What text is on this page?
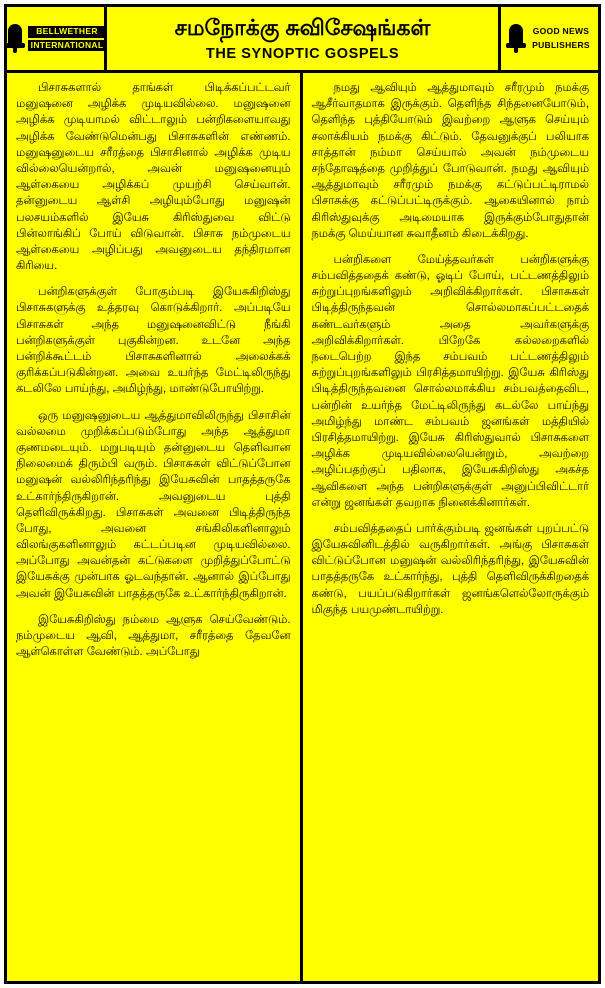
BELLWETHER
INTERNATIONAL
சமநோக்கு சுவிசேஷங்கள்
THE SYNOPTIC GOSPELS
GOOD NEWS
PUBLISHERS

பிசாசுகளால் தாங்கள் பிடிக்கப்பட்டவர் மனுஷனை அழிக்க முடியவில்லை. மனுஷனை அழிக்க முடியாமல் விட்டாலும் பன்றிகளையாவது அழிக்க வேண்டுமென்பது பிசாசுகளின் எண்ணம். மனுஷனுடைய சரீரத்தை பிசாசினால் அழிக்க முடிய வில்லையென்றால், அவன் மனுஷனையும் ஆள்கையை அழிக்கப் முயற்சி செய்வான். தன்னுடைய ஆள்சி அழியும்போது மனுஷன் பலசயம்களில் இயேசு கிரிஸ்துவை விட்டு பின்லாங்கிப் போய் விடுவான். பிசாசு நம்முடைய ஆள்கையை அழிப்பது அவனுடைய தந்திரமான கிரியை.

பன்றிகளுக்குள் போகும்படி இயேசுகிறிஸ்து பிசாசுகளுக்கு உத்தரவு கொடுக்கிறார். அப்படியே பிசாசுகள் அந்த மனுஷனைவிட்டு நீங்கி பன்றிகளுக்குள் புகுகின்றன. உடனே அந்த பன்றிக்கூட்டம் பிசாசுகளினால் அலைக்கக் குரிக்கப்படுகின்றன. அவை உயர்ந்த மேட்டிலிருந்து கடலிலே பாய்ந்து, அமிழ்ந்து, மாண்டுபோயிற்று.

ஒரு மனுஷனுடைய ஆத்துமாவிலிருந்து பிசாசின் வல்லமை முறிக்கப்படும்போது அந்த ஆத்துமா குணமடையும். மறுபடியும் தன்னுடைய தெளிவான நிலைமைக் திரும்பி வரும். பிசாசுகள் விட்டுப்போன மனுஷன் வல்லிரிந்தரிந்து இயேசுவின் பாதத்தருகே உட்கார்ந்திருகிறான். அவனுடைய புத்தி தெளிவிருக்கிறது. பிசாசுகள் அவனை பிடித்திருந்த போது, அவனை சங்கிலிகளினாலும் விலங்குகளினாலும் கட்டப்படின முடியவில்லை. அப்போது அவன்தன் கட்டுகளை முறித்துப்போட்டு இயேசுக்கு முன்பாக ஓடவந்தான். ஆனால் இப்போது அவன் இயேசுவின் பாதத்தருகே உட்கார்ந்திருகிறான்.

இயேசுகிறிஸ்து நம்மை ஆளுக செய்வேண்டும். நம்முடைய ஆவி, ஆத்துமா, சரீரத்தை தேவனே ஆள்கொள்ள வேண்டும். அப்போது

நமது ஆவியும் ஆத்துமாவும் சரீரமும் நமக்கு ஆசீர்வாதமாக இருக்கும். தெளிந்த சிந்தனையோடும், தெளிந்த புத்தியோடும் இவற்றை ஆளுக செய்யும் சலாக்கியம் நமக்கு கிட்டும். தேவனுக்குப் பலியாக சாத்தான் நம்மா செய்யால் அவன் நம்முடைய சந்தோஷத்தை முறித்துப் போடுவான். நமது ஆவியும் ஆத்துமாவும் சரீரமும் நமக்கு கட்டுப்பட்டிராமல் பிசாசுக்கு கட்டுப்பட்டிருக்கும். ஆகையினால் நாம் கிரிஸ்துவுக்கு அடிமையாக இருக்கும்போதுதான் நமக்கு மெய்யான சுவாதீனம் கிடைக்கிறது.

பன்றிகளை மேய்த்தவர்கள் பன்றிகளுக்கு சம்பவித்ததைக் கண்டு, ஓடிப் போய், பட்டணத்திலும் சுற்றுப்புறங்களிலும் அறிவிக்கிறார்கள். பிசாசுகள் பிடித்திருந்தவன் சொல்லமாகப்பட்டதைக் கண்டவர்களும் அதை அவர்களுக்கு அறிவிக்கிறார்கள். பிறேகே கல்லறைகளில் நடைபெற்ற இந்த சம்பவம் பட்டணத்திலும் சுற்றுப்புறங்களிலும் பிரசித்தமாயிற்று. இயேசு கிரிஸ்து பிடித்திருந்தவனை சொல்லமாக்கிய சம்பவத்தைவிட, பன்றின் உயர்ந்த மேட்டிலிருந்து கடல்லே பாய்ந்து அமிழ்ந்து மாண்ட சம்பவம் ஜனங்கள் மத்தியில் பிரசித்தமாயிற்று. இயேசு கிரிஸ்துவால் பிசாசுகளை அழிக்க முடியவில்லையென்றும், அவற்றை அழிப்பதற்குப் பதிலாக, இயேசுகிறிஸ்து அகச்த ஆவிகளை அந்த பன்றிகளுக்குள் அனுப்பிவிட்டார் என்று ஜனங்கள் தவறாக நினைக்கினார்கள்.

சம்பவித்ததைப் பார்க்கும்படி ஜனங்கள் புறப்பட்டு இயேசுவினிடத்தில் வருகிறார்கள். அங்கு பிசாசுகள் விட்டுப்போன மனுஷன் வல்லிரிந்தரிந்து, இயேசுவின் பாதத்தருகே உட்கார்ந்து, புத்தி தெளிவிருக்கிறதைக் கண்டு, பயப்படுகிறார்கள் ஜனங்களெல்லோருக்கும் மிகுந்த பயமுண்டாயிற்று.
